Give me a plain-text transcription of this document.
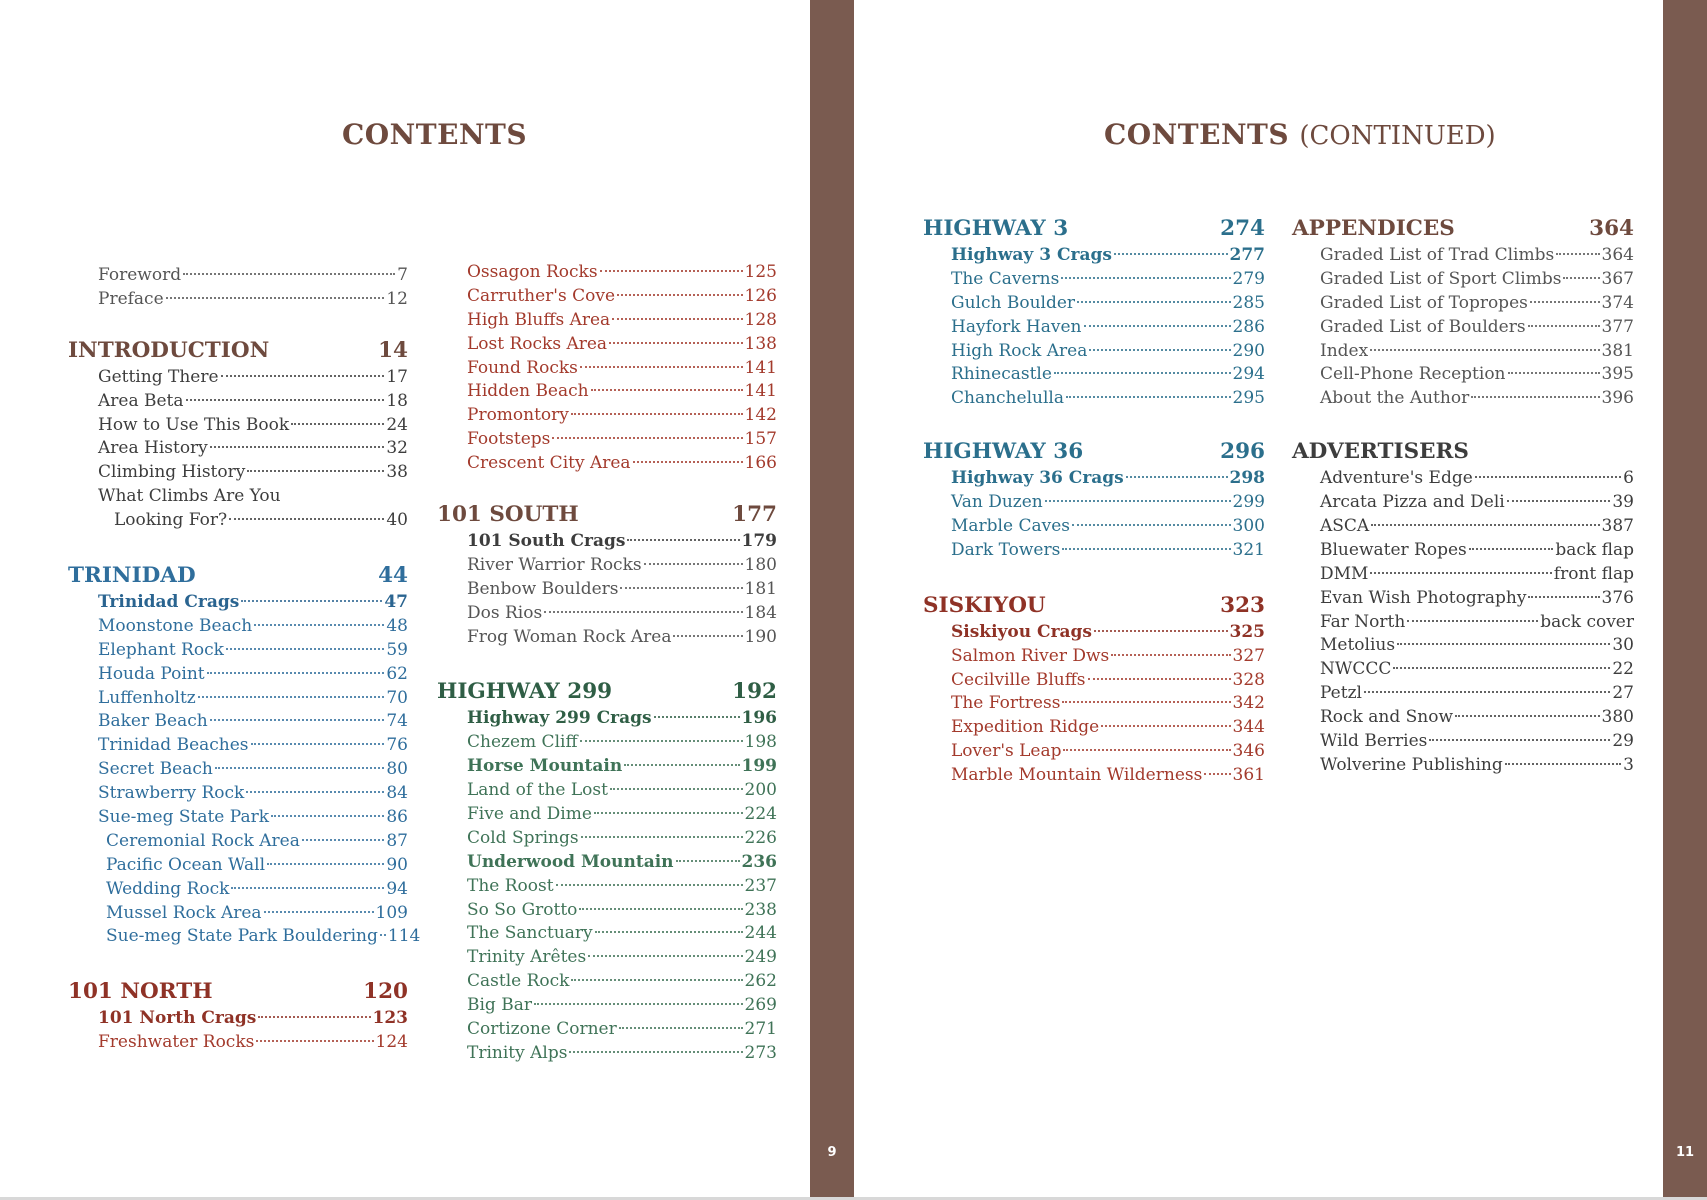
CONTENTS
Foreword	7
Preface	12
INTRODUCTION	14
Getting There	17
Area Beta	18
How to Use This Book	24
Area History	32
Climbing History	38
What Climbs Are You
Looking For?	40
TRINIDAD	44
Trinidad Crags	47
Moonstone Beach	48
Elephant Rock	59
Houda Point	62
Luffenholtz	70
Baker Beach	74
Trinidad Beaches	76
Secret Beach	80
Strawberry Rock	84
Sue-meg State Park	86
Ceremonial Rock Area	87
Pacific Ocean Wall	90
Wedding Rock	94
Mussel Rock Area	109
Sue-meg State Park Bouldering 114
101 NORTH	120
101 North Crags	123
Freshwater Rocks	124
Ossagon Rocks	125
Carruther's Cove	126
High Bluffs Area	128
Lost Rocks Area	138
Found Rocks	141
Hidden Beach	141
Promontory	142
Footsteps	157
Crescent City Area	166
101 SOUTH	177
101 South Crags	179
River Warrior Rocks	180
Benbow Boulders	181
Dos Rios	184
Frog Woman Rock Area	190
HIGHWAY 299	192
Highway 299 Crags	196
Chezem Cliff	198
Horse Mountain	199
Land of the Lost	200
Five and Dime	224
Cold Springs	226
Underwood Mountain	236
The Roost	237
So So Grotto	238
The Sanctuary	244
Trinity Arêtes	249
Castle Rock	262
Big Bar	269
Cortizone Corner	271
Trinity Alps	273
9
CONTENTS (CONTINUED)
HIGHWAY 3	274
Highway 3 Crags	277
The Caverns	279
Gulch Boulder	285
Hayfork Haven	286
High Rock Area	290
Rhinecastle	294
Chanchelulla	295
HIGHWAY 36	296
Highway 36 Crags	298
Van Duzen	299
Marble Caves	300
Dark Towers	321
SISKIYOU	323
Siskiyou Crags	325
Salmon River Dws	327
Cecilville Bluffs	328
The Fortress	342
Expedition Ridge	344
Lover's Leap	346
Marble Mountain Wilderness 361
APPENDICES	364
Graded List of Trad Climbs	364
Graded List of Sport Climbs 367
Graded List of Topropes	374
Graded List of Boulders	377
Index	381
Cell-Phone Reception	395
About the Author	396
ADVERTISERS
Adventure's Edge	6
Arcata Pizza and Deli	39
ASCA	387
Bluewater Ropes	back flap
DMM	front flap
Evan Wish Photography	376
Far North	back cover
Metolius	30
NWCCC	22
Petzl	27
Rock and Snow	380
Wild Berries	29
Wolverine Publishing	3
11
